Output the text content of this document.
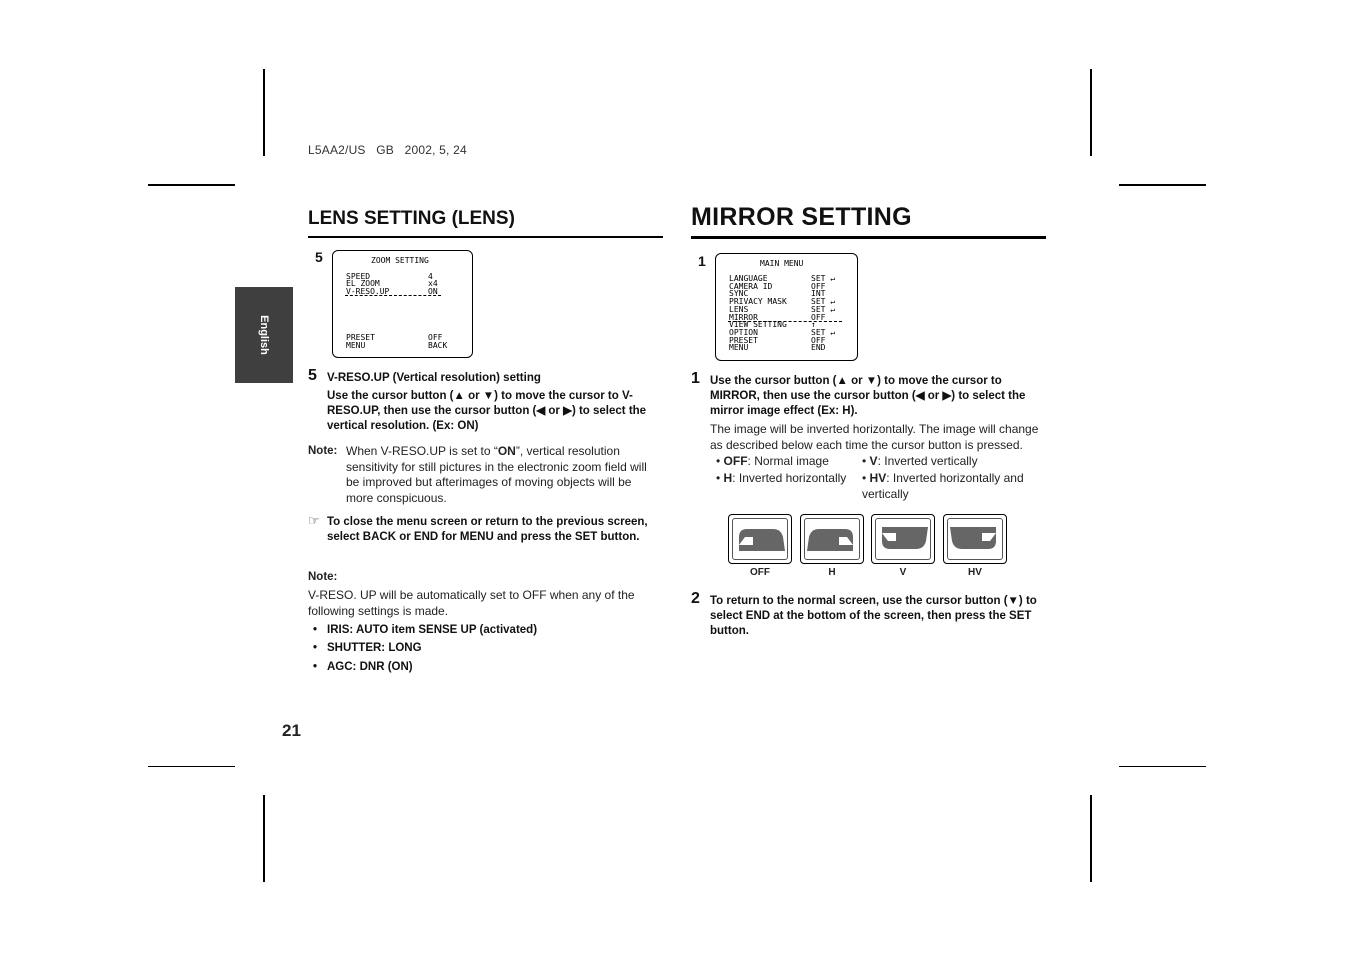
L5AA2/US   GB   2002, 5, 24
English
21
LENS SETTING (LENS)
5	ZOOM SETTING
SPEED	4
EL ZOOM	x4
V-RESO.UP	ON
PRESET	OFF
MENU	BACK
5 V-RESO.UP (Vertical resolution) setting
Use the cursor button (▲ or ▼) to move the cursor to V-RESO.UP, then use the cursor button (◀ or ▶) to select the vertical resolution. (Ex: ON)
Note: When V-RESO.UP is set to “ON”, vertical resolution sensitivity for still pictures in the electronic zoom field will be improved but afterimages of moving objects will be more conspicuous.
☞ To close the menu screen or return to the previous screen, select BACK or END for MENU and press the SET button.
Note:
V-RESO. UP will be automatically set to OFF when any of the following settings is made.
• IRIS: AUTO item SENSE UP (activated)
• SHUTTER: LONG
• AGC: DNR (ON)
MIRROR SETTING
1	MAIN MENU
LANGUAGE	SET ↵
CAMERA ID	OFF
SYNC	INT
PRIVACY MASK	SET ↵
LENS	SET ↵
MIRROR	OFF
VIEW SETTING	↑
OPTION	SET ↵
PRESET	OFF
MENU	END
1 Use the cursor button (▲ or ▼) to move the cursor to MIRROR, then use the cursor button (◀ or ▶) to select the mirror image effect (Ex: H).
The image will be inverted horizontally. The image will change as described below each time the cursor button is pressed.
• OFF: Normal image	• V: Inverted vertically
• H: Inverted horizontally • HV: Inverted horizontally and vertically
OFF	H	V	HV
2 To return to the normal screen, use the cursor button (▼) to select END at the bottom of the screen, then press the SET button.
